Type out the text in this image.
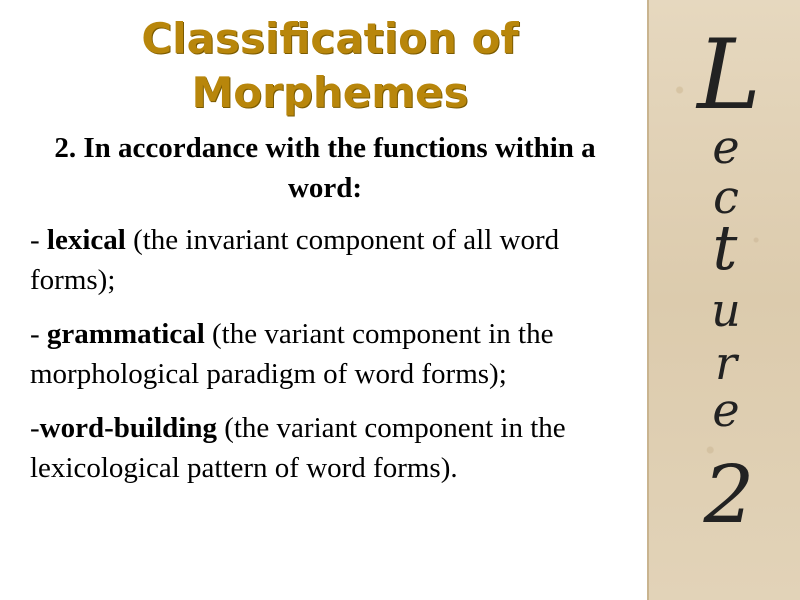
Classification of
Morphemes
2. In accordance with the functions within a word:
- lexical (the invariant component of all word forms);
- grammatical (the variant component in the morphological paradigm of word forms);
-word-building (the variant component in the lexicological pattern of word forms).
L
e
c
t
u
r
e
2
